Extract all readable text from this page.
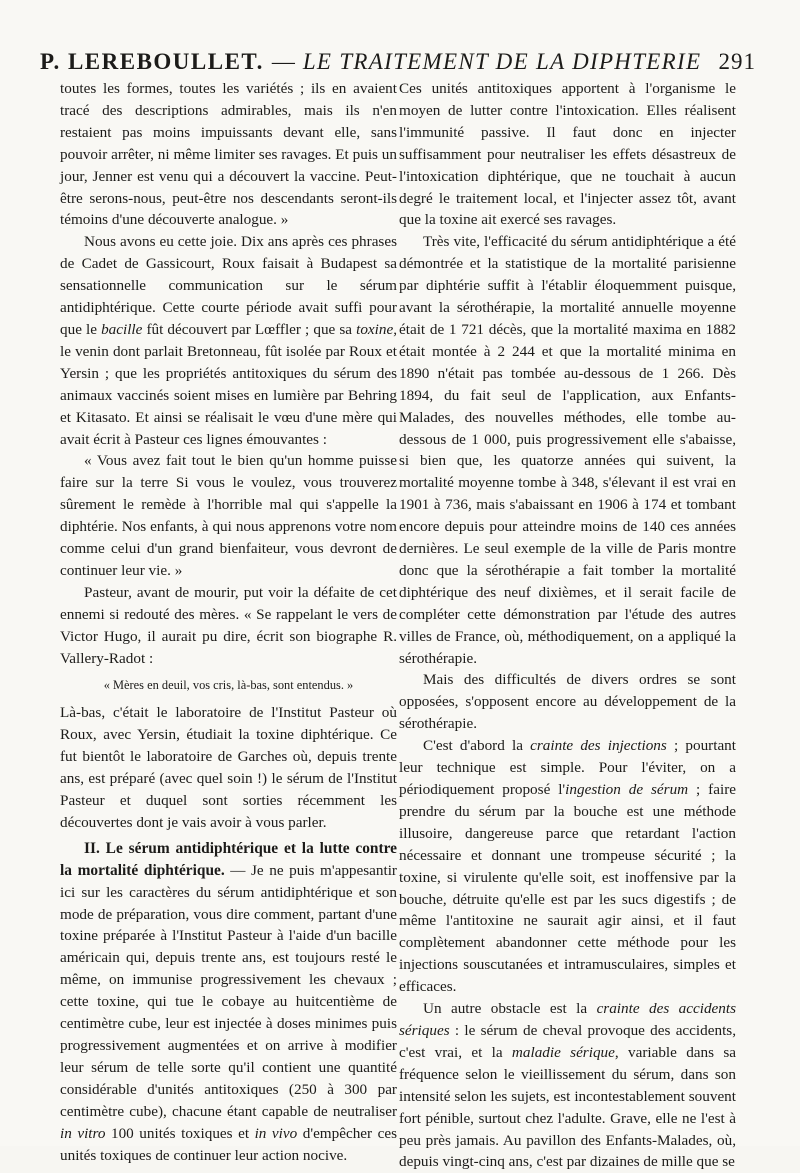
P. LEREBOULLET. — LE TRAITEMENT DE LA DIPHTERIE 291

toutes les formes, toutes les variétés ; ils en avaient tracé des descriptions admirables, mais ils n'en restaient pas moins impuissants devant elle, sans pouvoir arrêter, ni même limiter ses ravages. Et puis un jour, Jenner est venu qui a découvert la vaccine. Peut-être serons-nous, peut-être nos descendants seront-ils témoins d'une découverte analogue. »

Nous avons eu cette joie. Dix ans après ces phrases de Cadet de Gassicourt, Roux faisait à Budapest sa sensationnelle communication sur le sérum antidiphtérique. Cette courte période avait suffi pour que le bacille fût découvert par Lœffler ; que sa toxine, le venin dont parlait Bretonneau, fût isolée par Roux et Yersin ; que les propriétés antitoxiques du sérum des animaux vaccinés soient mises en lumière par Behring et Kitasato. Et ainsi se réalisait le vœu d'une mère qui avait écrit à Pasteur ces lignes émouvantes :

« Vous avez fait tout le bien qu'un homme puisse faire sur la terre Si vous le voulez, vous trouverez sûrement le remède à l'horrible mal qui s'appelle la diphtérie. Nos enfants, à qui nous apprenons votre nom comme celui d'un grand bienfaiteur, vous devront de continuer leur vie. »

Pasteur, avant de mourir, put voir la défaite de cet ennemi si redouté des mères. « Se rappelant le vers de Victor Hugo, il aurait pu dire, écrit son biographe R. Vallery-Radot :

« Mères en deuil, vos cris, là-bas, sont entendus. »

Là-bas, c'était le laboratoire de l'Institut Pasteur où Roux, avec Yersin, étudiait la toxine diphtérique. Ce fut bientôt le laboratoire de Garches où, depuis trente ans, est préparé (avec quel soin !) le sérum de l'Institut Pasteur et duquel sont sorties récemment les découvertes dont je vais avoir à vous parler.

II. Le sérum antidiphtérique et la lutte contre la mortalité diphtérique. — Je ne puis m'appesantir ici sur les caractères du sérum antidiphtérique et son mode de préparation, vous dire comment, partant d'une toxine préparée à l'Institut Pasteur à l'aide d'un bacille américain qui, depuis trente ans, est toujours resté le même, on immunise progressivement les chevaux ; cette toxine, qui tue le cobaye au huitcentième de centimètre cube, leur est injectée à doses minimes puis progressivement augmentées et on arrive à modifier leur sérum de telle sorte qu'il contient une quantité considérable d'unités antitoxiques (250 à 300 par centimètre cube), chacune étant capable de neutraliser in vitro 100 unités toxiques et in vivo d'empêcher ces unités toxiques de continuer leur action nocive.

Ces unités antitoxiques apportent à l'organisme le moyen de lutter contre l'intoxication. Elles réalisent l'immunité passive. Il faut donc en injecter suffisamment pour neutraliser les effets désastreux de l'intoxication diphtérique, que ne touchait à aucun degré le traitement local, et l'injecter assez tôt, avant que la toxine ait exercé ses ravages.

Très vite, l'efficacité du sérum antidiphtérique a été démontrée et la statistique de la mortalité parisienne par diphtérie suffit à l'établir éloquemment puisque, avant la sérothérapie, la mortalité annuelle moyenne était de 1 721 décès, que la mortalité maxima en 1882 était montée à 2 244 et que la mortalité minima en 1890 n'était pas tombée au-dessous de 1 266. Dès 1894, du fait seul de l'application, aux Enfants-Malades, des nouvelles méthodes, elle tombe au-dessous de 1 000, puis progressivement elle s'abaisse, si bien que, les quatorze années qui suivent, la mortalité moyenne tombe à 348, s'élevant il est vrai en 1901 à 736, mais s'abaissant en 1906 à 174 et tombant encore depuis pour atteindre moins de 140 ces années dernières. Le seul exemple de la ville de Paris montre donc que la sérothérapie a fait tomber la mortalité diphtérique des neuf dixièmes, et il serait facile de compléter cette démonstration par l'étude des autres villes de France, où, méthodiquement, on a appliqué la sérothérapie.

Mais des difficultés de divers ordres se sont opposées, s'opposent encore au développement de la sérothérapie.

C'est d'abord la crainte des injections ; pourtant leur technique est simple. Pour l'éviter, on a périodiquement proposé l'ingestion de sérum ; faire prendre du sérum par la bouche est une méthode illusoire, dangereuse parce que retardant l'action nécessaire et donnant une trompeuse sécurité ; la toxine, si virulente qu'elle soit, est inoffensive par la bouche, détruite qu'elle est par les sucs digestifs ; de même l'antitoxine ne saurait agir ainsi, et il faut complètement abandonner cette méthode pour les injections souscutanées et intramusculaires, simples et efficaces.

Un autre obstacle est la crainte des accidents sériques : le sérum de cheval provoque des accidents, c'est vrai, et la maladie sérique, variable dans sa fréquence selon le vieillissement du sérum, dans son intensité selon les sujets, est incontestablement souvent fort pénible, surtout chez l'adulte. Grave, elle ne l'est à peu près jamais. Au pavillon des Enfants-Malades, où, depuis vingt-cinq ans, c'est par dizaines de mille que se
